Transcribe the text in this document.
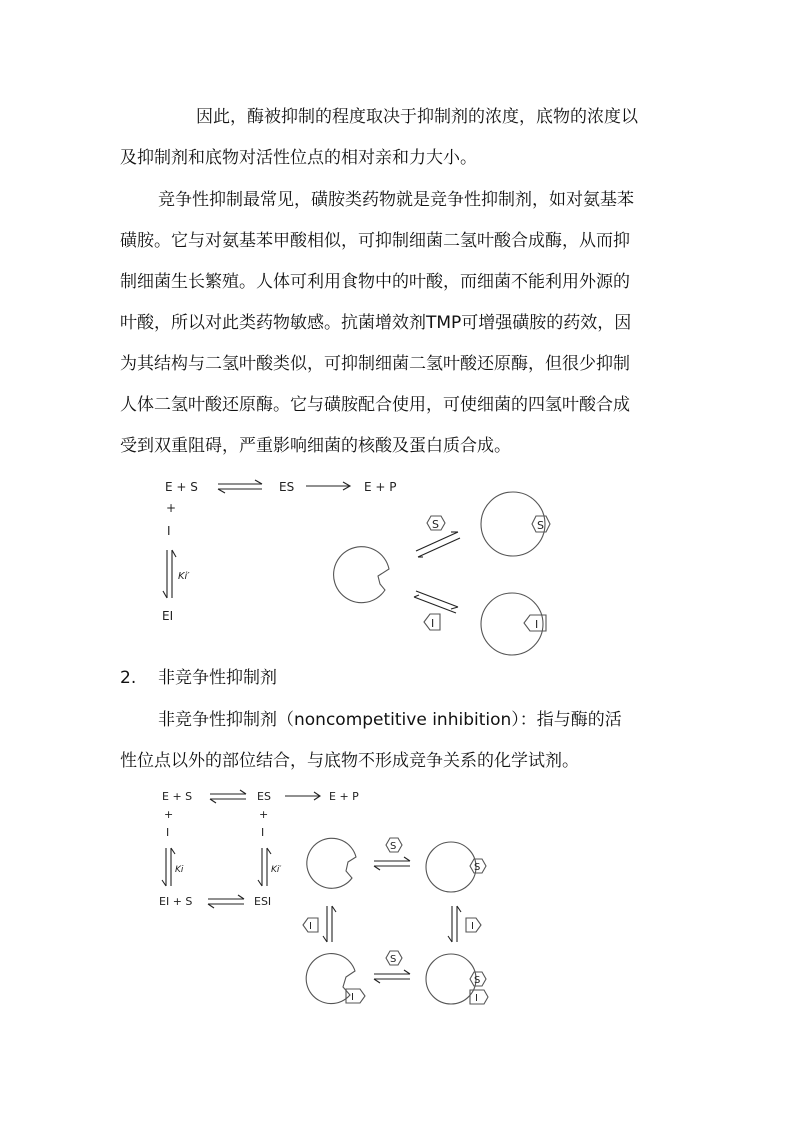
因此，酶被抑制的程度取决于抑制剂的浓度，底物的浓度以
及抑制剂和底物对活性位点的相对亲和力大小。
竞争性抑制最常见，磺胺类药物就是竞争性抑制剂，如对氨基苯
磺胺。它与对氨基苯甲酸相似，可抑制细菌二氢叶酸合成酶，从而抑
制细菌生长繁殖。人体可利用食物中的叶酸，而细菌不能利用外源的
叶酸，所以对此类药物敏感。抗菌增效剂TMP可增强磺胺的药效，因
为其结构与二氢叶酸类似，可抑制细菌二氢叶酸还原酶，但很少抑制
人体二氢叶酸还原酶。它与磺胺配合使用，可使细菌的四氢叶酸合成
受到双重阻碍，严重影响细菌的核酸及蛋白质合成。
E + S	ES	E + P
+
I
Ki′
EI
S	S
I	I
2. 非竞争性抑制剂
非竞争性抑制剂（noncompetitive inhibition）：指与酶的活
性位点以外的部位结合，与底物不形成竞争关系的化学试剂。
E + S	ES	E + P
+	+
I	I
Ki	Ki′
EI + S	ESI
S
S
S
S
I	I
I	I
